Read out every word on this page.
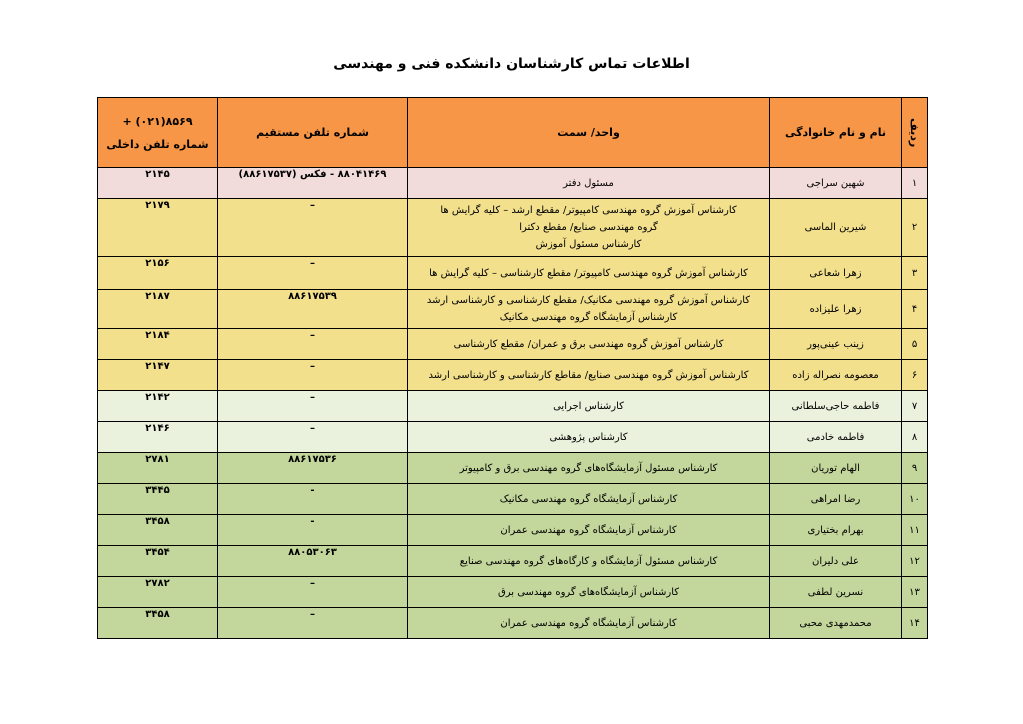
اطلاعات تماس کارشناسان دانشکده فنی و مهندسی
ردیف	نام و نام خانوادگی	واحد/ سمت	شماره تلفن مستقیم	+ (۰۲۱)۸۵۶۹
شماره تلفن داخلی

۱	شهین سراجی	مسئول دفتر	۸۸۰۴۱۴۶۹ - فکس (۸۸۶۱۷۵۳۷)	۲۱۴۵
۲	شیرین الماسی	کارشناس آموزش گروه مهندسی کامپیوتر/ مقطع ارشد – کلیه گرایش ها
گروه مهندسی صنایع/ مقطع دکترا
کارشناس مسئول آموزش	–	۲۱۷۹
۳	زهرا شعاعی	کارشناس آموزش گروه مهندسی کامپیوتر/ مقطع کارشناسی – کلیه گرایش ها	–	۲۱۵۶
۴	زهرا علیزاده	کارشناس آموزش گروه مهندسی مکانیک/ مقطع کارشناسی و کارشناسی ارشد
کارشناس آزمایشگاه گروه مهندسی مکانیک	۸۸۶۱۷۵۳۹	۲۱۸۷
۵	زینب عینی‌پور	کارشناس آموزش گروه مهندسی برق و عمران/ مقطع کارشناسی	–	۲۱۸۴
۶	معصومه نصراله زاده	کارشناس آموزش گروه مهندسی صنایع/ مقاطع کارشناسی و کارشناسی ارشد	–	۲۱۴۷
۷	فاطمه حاجی‌سلطانی	کارشناس اجرایی	–	۲۱۴۲
۸	فاطمه خادمی	کارشناس پژوهشی	–	۲۱۴۶
۹	الهام توریان	کارشناس مسئول آزمایشگاه‌های گروه مهندسی برق و کامپیوتر	۸۸۶۱۷۵۳۶	۲۷۸۱
۱۰	رضا امراهی	کارشناس آزمایشگاه گروه مهندسی مکانیک	-	۳۴۴۵
۱۱	بهرام بختیاری	کارشناس آزمایشگاه گروه مهندسی عمران	-	۳۴۵۸
۱۲	علی دلیران	کارشناس مسئول آزمایشگاه و کارگاه‌های گروه مهندسی صنایع	۸۸۰۵۳۰۶۳	۳۴۵۴
۱۳	نسرین لطفی	کارشناس آزمایشگاه‌های گروه مهندسی برق	–	۲۷۸۲
۱۴	محمدمهدی محبی	کارشناس آزمایشگاه گروه مهندسی عمران	–	۳۴۵۸
